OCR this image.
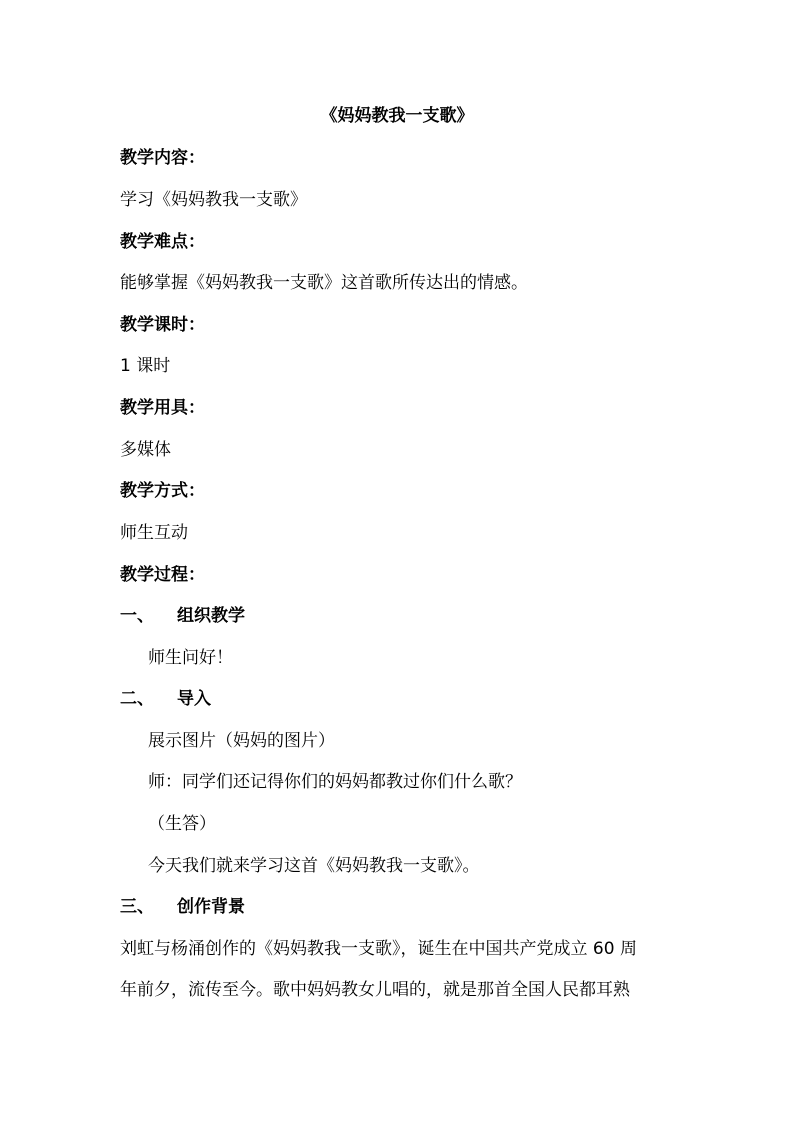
《妈妈教我一支歌》
教学内容：
学习《妈妈教我一支歌》
教学难点：
能够掌握《妈妈教我一支歌》这首歌所传达出的情感。
教学课时：
1 课时
教学用具：
多媒体
教学方式：
师生互动
教学过程：
一、 组织教学
师生问好！
二、 导入
展示图片（妈妈的图片）
师：同学们还记得你们的妈妈都教过你们什么歌？
（生答）
今天我们就来学习这首《妈妈教我一支歌》。
三、 创作背景
刘虹与杨涌创作的《妈妈教我一支歌》，诞生在中国共产党成立 60 周
年前夕，流传至今。歌中妈妈教女儿唱的，就是那首全国人民都耳熟
